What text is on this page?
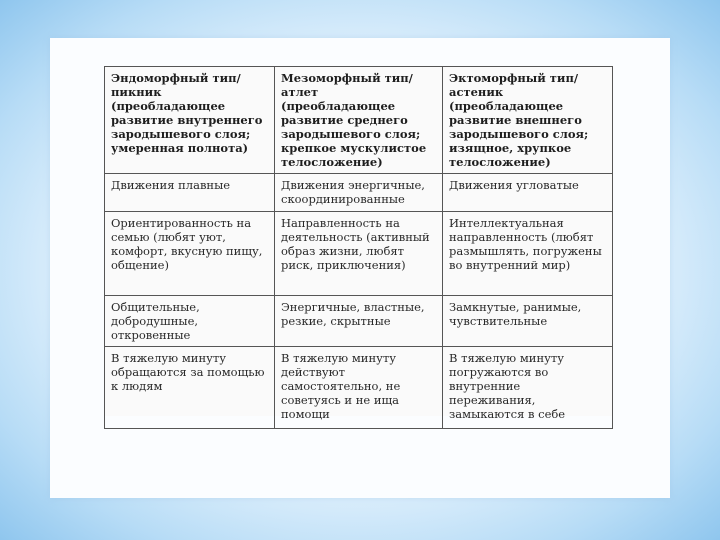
Эндоморфный тип/пикник (преобладающее развитие внутреннего зародышевого слоя; умеренная полнота)	Мезоморфный тип/атлет (преобладающее развитие среднего зародышевого слоя; крепкое мускулистое телосложение)	Эктоморфный тип/астеник (преобладающее развитие внешнего зародышевого слоя; изящное, хрупкое телосложение)

Движения плавные	Движения энергичные, скоординированные	Движения угловатые

Ориентированность на семью (любят уют, комфорт, вкусную пищу, общение)	Направленность на деятельность (активный образ жизни, любят риск, приключения)	Интеллектуальная направленность (любят размышлять, погружены во внутренний мир)

Общительные, добродушные, откровенные	Энергичные, властные, резкие, скрытные	Замкнутые, ранимые, чувствительные

В тяжелую минуту обращаются за помощью к людям	В тяжелую минуту действуют самостоятельно, не советуясь и не ища помощи	В тяжелую минуту погружаются во внутренние переживания, замыкаются в себе
